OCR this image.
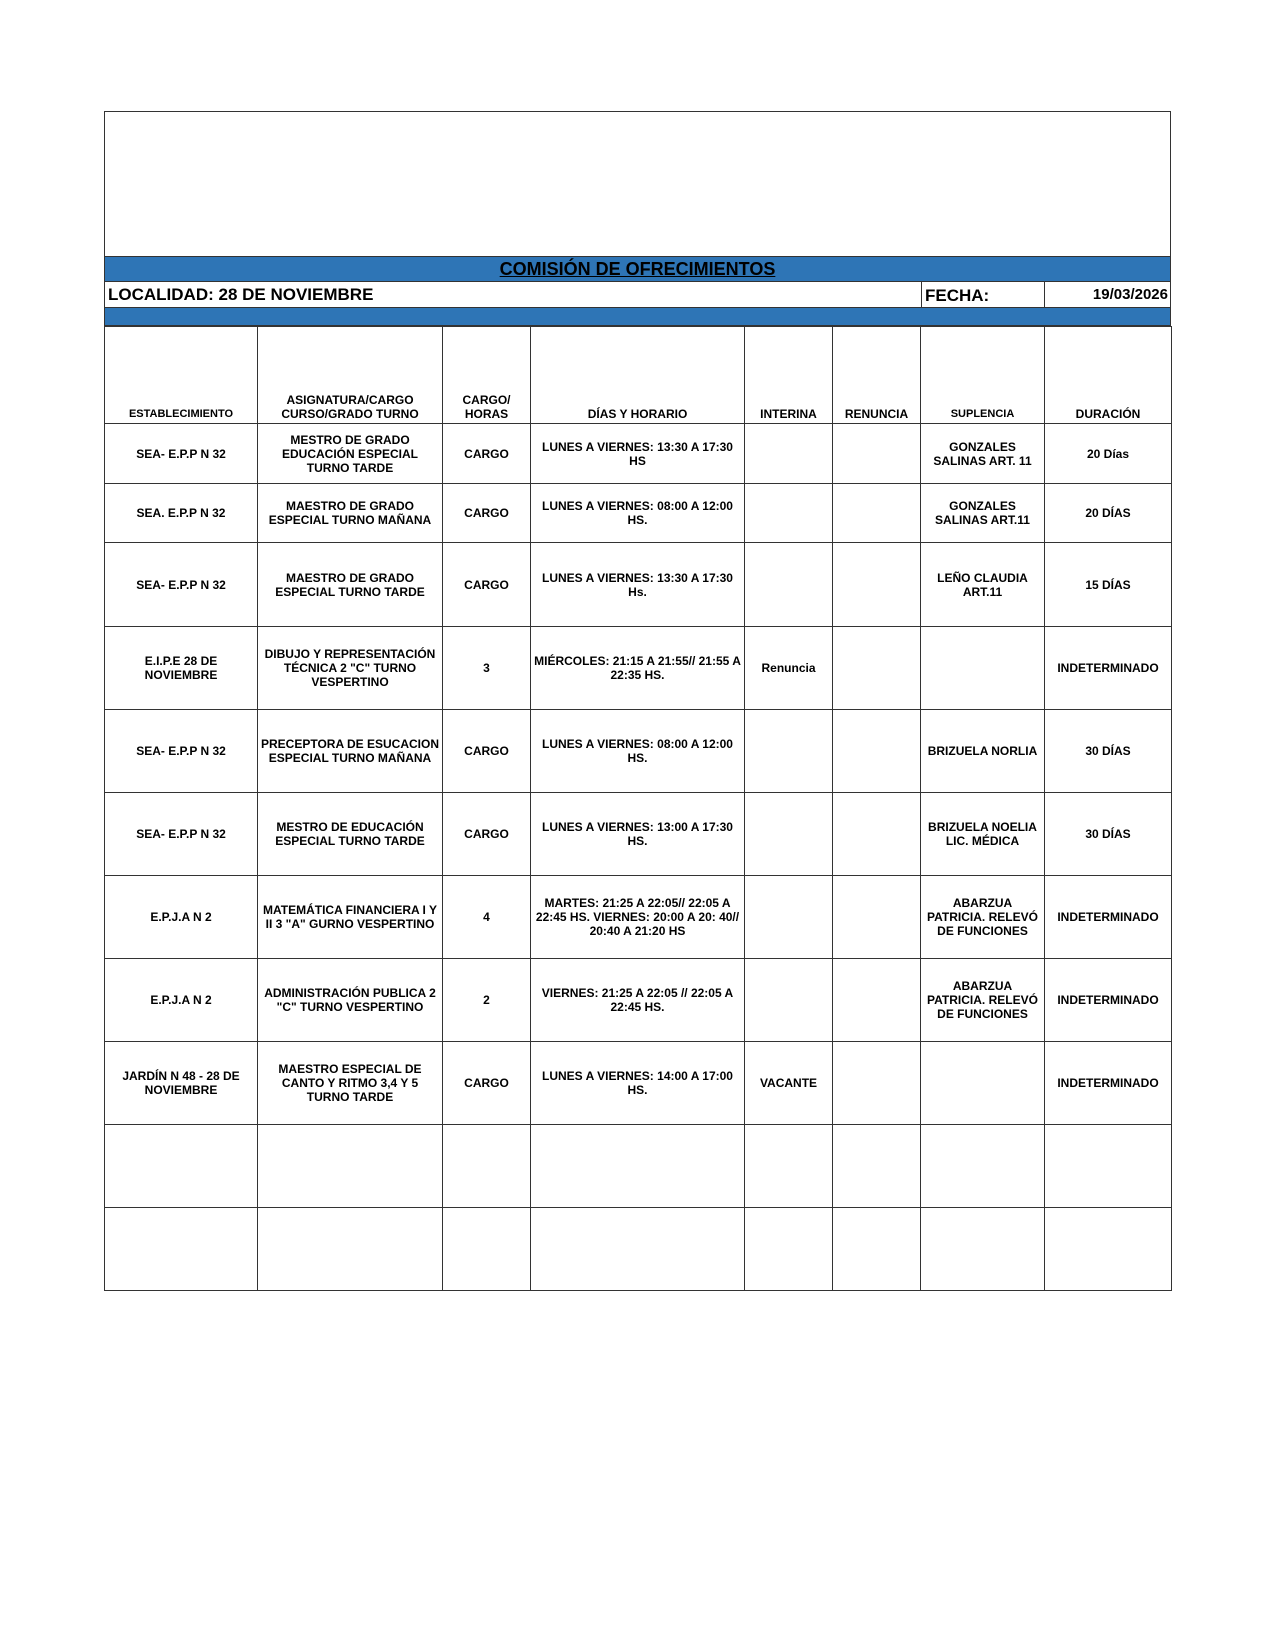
COMISIÓN DE OFRECIMIENTOS
LOCALIDAD: 28 DE NOVIEMBRE	FECHA:	19/03/2026
ESTABLECIMIENTO	ASIGNATURA/CARGO CURSO/GRADO TURNO	CARGO/ HORAS	DÍAS Y HORARIO	INTERINA	RENUNCIA	SUPLENCIA	DURACIÓN
SEA- E.P.P N 32	MESTRO DE GRADO EDUCACIÓN ESPECIAL TURNO TARDE	CARGO	LUNES A VIERNES: 13:30 A 17:30 HS			GONZALES SALINAS ART. 11	20 Días
SEA. E.P.P N 32	MAESTRO DE GRADO ESPECIAL TURNO MAÑANA	CARGO	LUNES A VIERNES: 08:00 A 12:00 HS.			GONZALES SALINAS ART.11	20 DÍAS
SEA- E.P.P N 32	MAESTRO DE GRADO ESPECIAL TURNO TARDE	CARGO	LUNES A VIERNES: 13:30 A 17:30 Hs.			LEÑO CLAUDIA ART.11	15 DÍAS
E.I.P.E 28 DE NOVIEMBRE	DIBUJO Y REPRESENTACIÓN TÉCNICA 2 "C" TURNO VESPERTINO	3	MIÉRCOLES: 21:15 A 21:55// 21:55 A 22:35 HS.	Renuncia			INDETERMINADO
SEA- E.P.P N 32	PRECEPTORA DE ESUCACION ESPECIAL TURNO MAÑANA	CARGO	LUNES A VIERNES: 08:00 A 12:00 HS.			BRIZUELA NORLIA	30 DÍAS
SEA- E.P.P N 32	MESTRO DE EDUCACIÓN ESPECIAL TURNO TARDE	CARGO	LUNES A VIERNES: 13:00 A 17:30 HS.			BRIZUELA NOELIA LIC. MÉDICA	30 DÍAS
E.P.J.A N 2	MATEMÁTICA FINANCIERA I Y II 3 "A" GURNO VESPERTINO	4	MARTES: 21:25 A 22:05// 22:05 A 22:45 HS. VIERNES: 20:00 A 20: 40// 20:40 A 21:20 HS			ABARZUA PATRICIA. RELEVÓ DE FUNCIONES	INDETERMINADO
E.P.J.A N 2	ADMINISTRACIÓN PUBLICA 2 "C" TURNO VESPERTINO	2	VIERNES: 21:25 A 22:05 // 22:05 A 22:45 HS.			ABARZUA PATRICIA. RELEVÓ DE FUNCIONES	INDETERMINADO
JARDÍN N 48 - 28 DE NOVIEMBRE	MAESTRO ESPECIAL DE CANTO Y RITMO 3,4 Y 5 TURNO TARDE	CARGO	LUNES A VIERNES: 14:00 A 17:00 HS.	VACANTE			INDETERMINADO
